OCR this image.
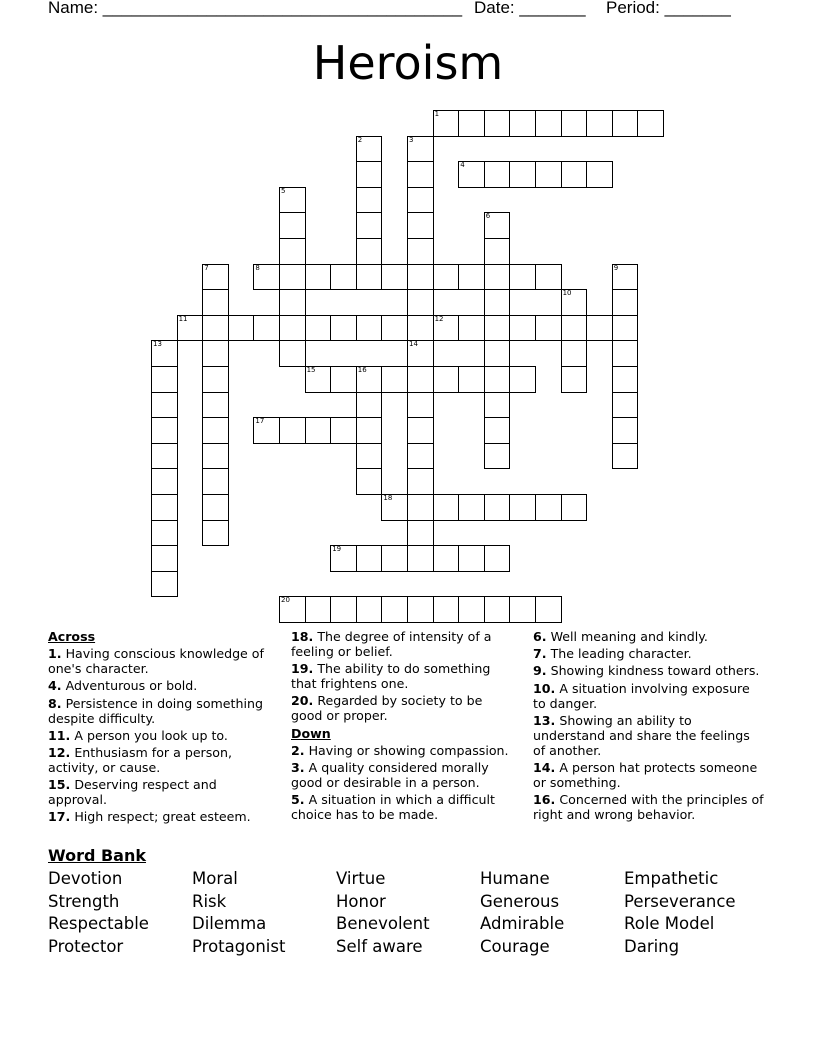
Name: ______________________________________ Date: _______ Period: _______
Heroism
1
2	3
4
5
6
7	8	9
10
11	12
13	14
15	16
17
18
19
20

Across

1. Having conscious knowledge of one's character.

4. Adventurous or bold.

8. Persistence in doing something despite difficulty.

11. A person you look up to.

12. Enthusiasm for a person, activity, or cause.

15. Deserving respect and approval.

17. High respect; great esteem.

18. The degree of intensity of a feeling or belief.

19. The ability to do something that frightens one.

20. Regarded by society to be good or proper.

Down

2. Having or showing compassion.

3. A quality considered morally good or desirable in a person.

5. A situation in which a difficult choice has to be made.

6. Well meaning and kindly.

7. The leading character.

9. Showing kindness toward others.

10. A situation involving exposure to danger.

13. Showing an ability to understand and share the feelings of another.

14. A person hat protects someone or something.

16. Concerned with the principles of right and wrong behavior.

Word Bank
Devotion
Strength
Respectable
Protector
Moral
Risk
Dilemma
Protagonist
Virtue
Honor
Benevolent
Self aware
Humane
Generous
Admirable
Courage
Empathetic
Perseverance
Role Model
Daring
